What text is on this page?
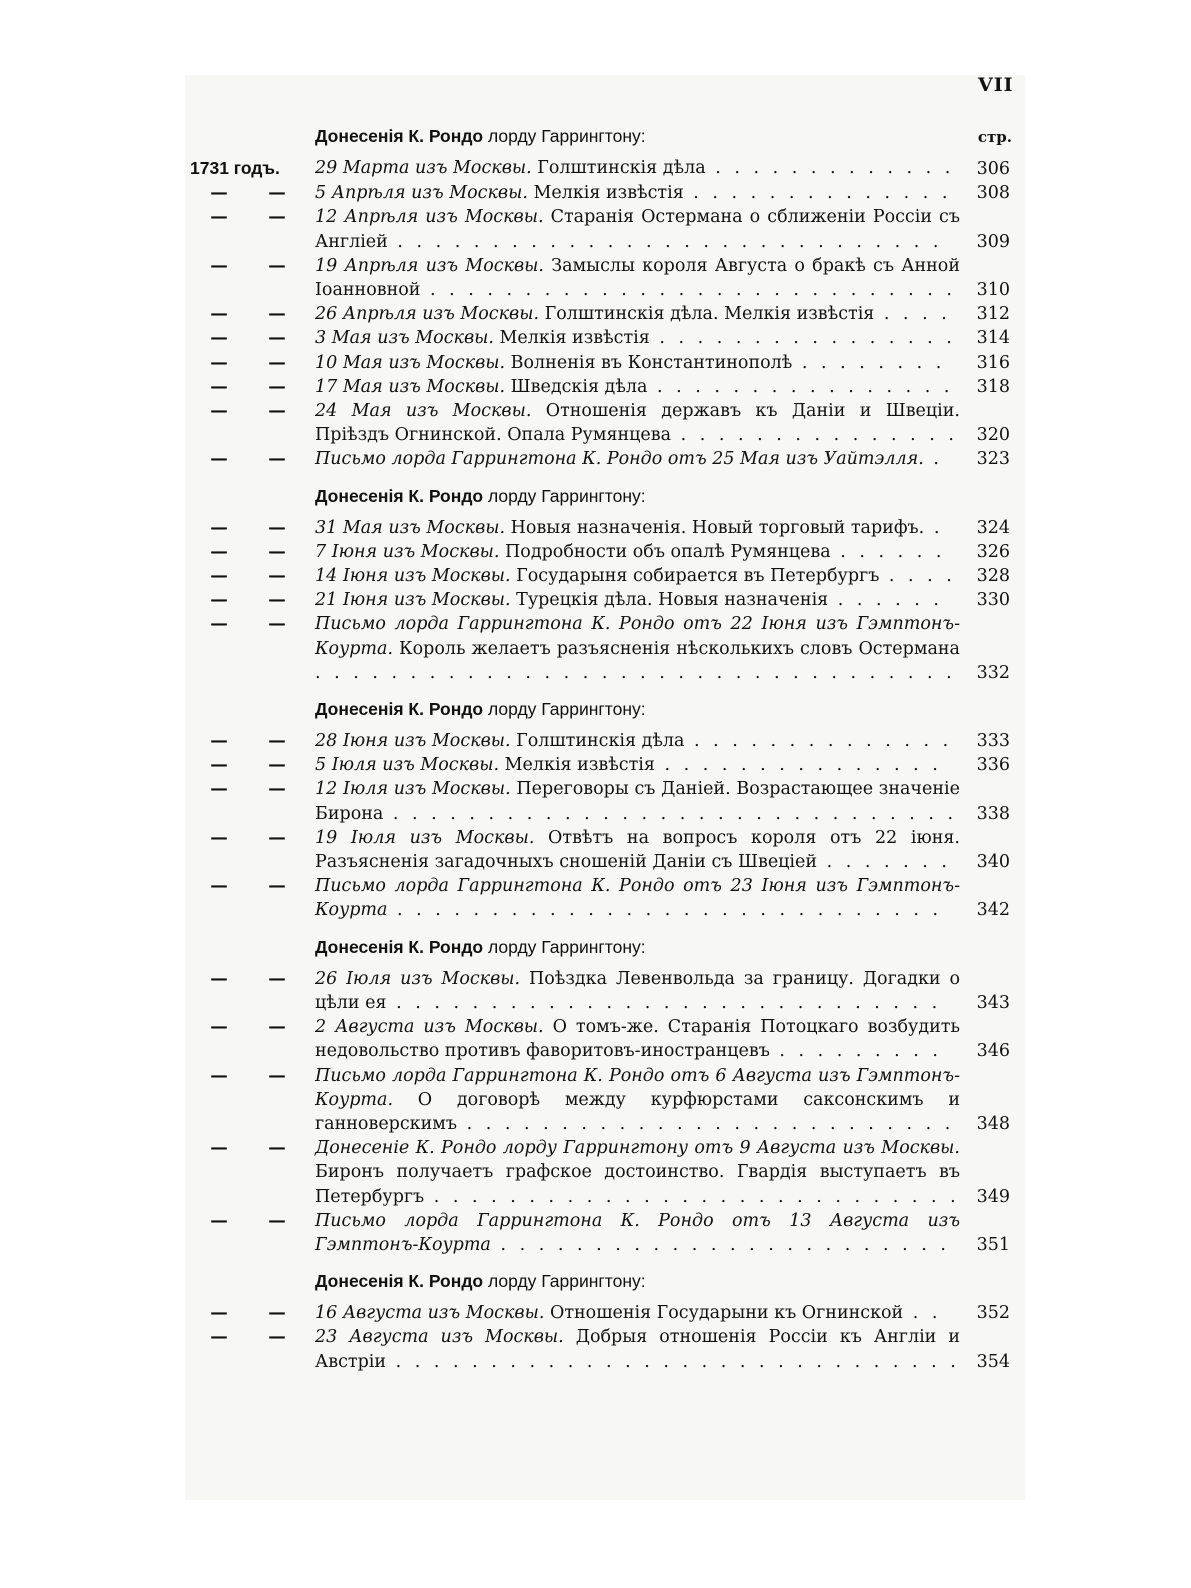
VII
Донесенія К. Рондо лорду Гаррингтону:	стр.
1731 годъ.	29 Марта изъ Москвы. Голштинскія дѣла . . . . . . . . . . . . . 306
— —	5 Апрѣля изъ Москвы. Мелкія извѣстія . . . . . . . . . . . . . . 308
— —	12 Апрѣля изъ Москвы. Старанія Остермана о сближеніи Россіи съ Англіей . . . . . . . . . . . . . . . . . . . . . . . . . . . . . 309
— —	19 Апрѣля изъ Москвы. Замыслы короля Августа о бракѣ съ Анной Іоанновной . . . . . . . . . . . . . . . . . . . . . . . . . . . . 310
— —	26 Апрѣля изъ Москвы. Голштинскія дѣла. Мелкія извѣстія . . . . 312
— —	3 Мая изъ Москвы. Мелкія извѣстія . . . . . . . . . . . . . . . . 314
— —	10 Мая изъ Москвы. Волненія въ Константинополѣ . . . . . . . . 316
— —	17 Мая изъ Москвы. Шведскія дѣла . . . . . . . . . . . . . . . . 318
— —	24 Мая изъ Москвы. Отношенія державъ къ Даніи и Швеціи. Пріѣздъ Огнинской. Опала Румянцева . . . . . . . . . . . . . . . 320
— —	Письмо лорда Гаррингтона К. Рондо отъ 25 Мая изъ Уайтэлля. . 323
Донесенія К. Рондо лорду Гаррингтону:
— —	31 Мая изъ Москвы. Новыя назначенія. Новый торговый тарифъ. . 324
— —	7 Іюня изъ Москвы. Подробности объ опалѣ Румянцева . . . . . . 326
— —	14 Іюня изъ Москвы. Государыня собирается въ Петербургъ . . . . 328
— —	21 Іюня изъ Москвы. Турецкія дѣла. Новыя назначенія . . . . . . 330
— —	Письмо лорда Гаррингтона К. Рондо отъ 22 Іюня изъ Гэмптонъ-Коурта. Король желаетъ разъясненія нѣсколькихъ словъ Остермана . . . . . . . . . . . . . . . . . . . . . . . . . . . . . . . . . . 332
Донесенія К. Рондо лорду Гаррингтону:
— —	28 Іюня изъ Москвы. Голштинскія дѣла . . . . . . . . . . . . . . 333
— —	5 Іюля изъ Москвы. Мелкія извѣстія . . . . . . . . . . . . . . . 336
— —	12 Іюля изъ Москвы. Переговоры съ Даніей. Возрастающее значеніе Бирона . . . . . . . . . . . . . . . . . . . . . . . . . . . . . . 338
— —	19 Іюля изъ Москвы. Отвѣтъ на вопросъ короля отъ 22 іюня. Разъясненія загадочныхъ сношеній Даніи съ Швеціей . . . . . . . 340
— —	Письмо лорда Гаррингтона К. Рондо отъ 23 Іюня изъ Гэмптонъ-Коурта . . . . . . . . . . . . . . . . . . . . . . . . . . . . . 342
Донесенія К. Рондо лорду Гаррингтону:
— —	26 Іюля изъ Москвы. Поѣздка Левенвольда за границу. Догадки о цѣли ея . . . . . . . . . . . . . . . . . . . . . . . . . . . . . 343
— —	2 Августа изъ Москвы. О томъ-же. Старанія Потоцкаго возбудить недовольство противъ фаворитовъ-иностранцевъ . . . . . . . . . 346
— —	Письмо лорда Гаррингтона К. Рондо отъ 6 Августа изъ Гэмптонъ-Коурта. О договорѣ между курфюрстами саксонскимъ и ганноверскимъ . . . . . . . . . . . . . . . . . . . . . . . . . . 348
— —	Донесеніе К. Рондо лорду Гаррингтону отъ 9 Августа изъ Москвы. Биронъ получаетъ графское достоинство. Гвардія выступаетъ въ Петербургъ . . . . . . . . . . . . . . . . . . . . . . . . . . . . 349
— —	Письмо лорда Гаррингтона К. Рондо отъ 13 Августа изъ Гэмптонъ-Коурта . . . . . . . . . . . . . . . . . . . . . . . . 351
Донесенія К. Рондо лорду Гаррингтону:
— —	16 Августа изъ Москвы. Отношенія Государыни къ Огнинской . . 352
— —	23 Августа изъ Москвы. Добрыя отношенія Россіи къ Англіи и Австріи . . . . . . . . . . . . . . . . . . . . . . . . . . . . . . 354
